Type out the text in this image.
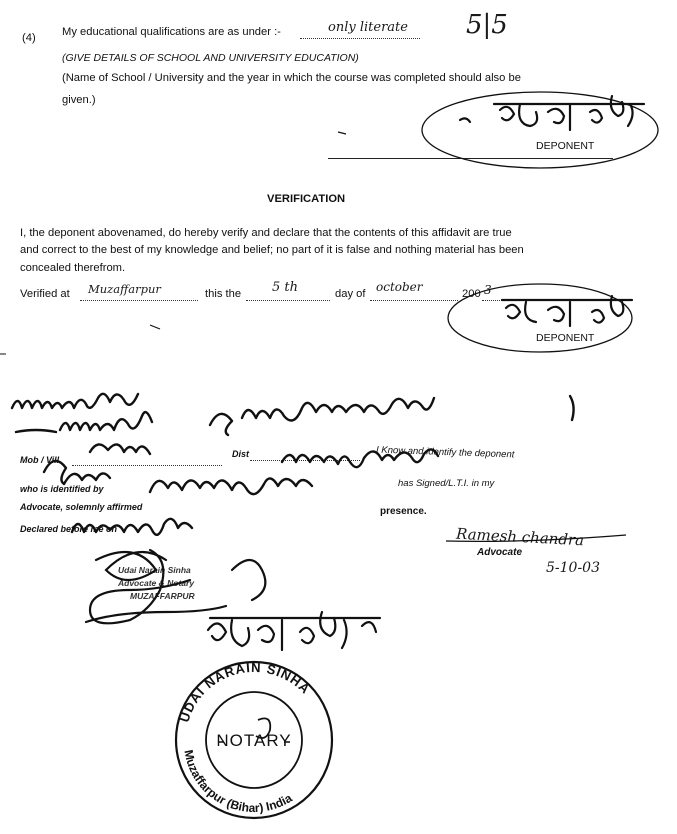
(4) My educational qualifications are as under :-	only literate 5|5
(GIVE DETAILS OF SCHOOL AND UNIVERSITY EDUCATION)
(Name of School / University and the year in which the course was completed should also be
given.)
DEPONENT
VERIFICATION
I, the deponent abovenamed, do hereby verify and declare that the contents of this affidavit are true
and correct to the best of my knowledge and belief; no part of it is false and nothing material has been
concealed therefrom.
Verified at Muzaffarpur	this the 5 th	day of october	200 3
DEPONENT
Mob / Vill
Dist	I Know and identify the deponent
who is identified by	has Signed/L.T.I. in my
Advocate, solemnly affirmed
Declared before me on
presence.
Ramesh chandra
Advocate
5-10-03
Udai Narain Sinha
Advocate & Notary
MUZAFFARPUR
UDAI NARAIN SINHA
Muzaffarpur (Bihar) India
NOTARY
